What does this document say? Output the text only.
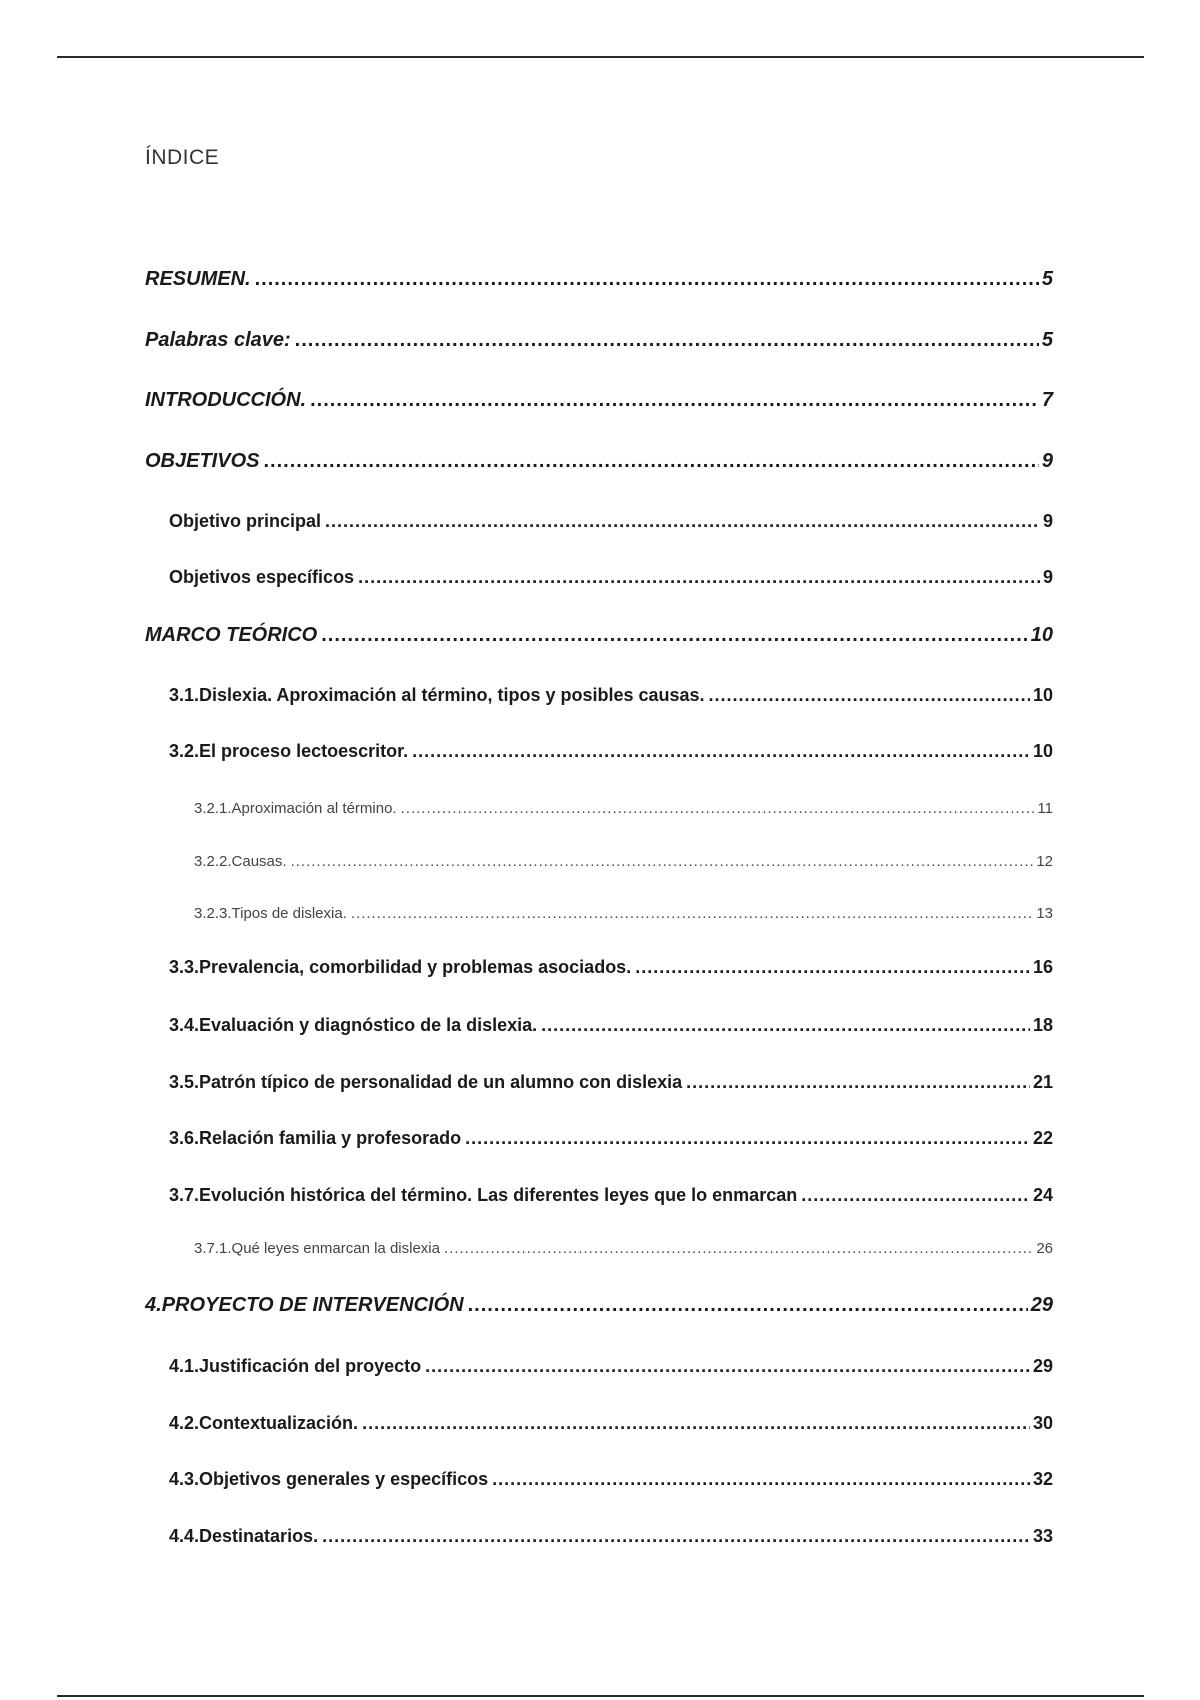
ÍNDICE
RESUMEN. .....	5
Palabras clave: .....	5
INTRODUCCIÓN. .....	7
OBJETIVOS .....	9
Objetivo principal .....	9
Objetivos específicos .....	9
MARCO TEÓRICO .....	10
3.1. Dislexia. Aproximación al término, tipos y posibles causas. .....	10
3.2. El proceso lectoescritor. .....	10
3.2.1. Aproximación al término. .....	11
3.2.2. Causas. .....	12
3.2.3. Tipos de dislexia. .....	13
3.3. Prevalencia, comorbilidad y problemas asociados. .....	16
3.4. Evaluación y diagnóstico de la dislexia. .....	18
3.5. Patrón típico de personalidad de un alumno con dislexia .....	21
3.6. Relación familia y profesorado .....	22
3.7. Evolución histórica del término. Las diferentes leyes que lo enmarcan .....	24
3.7.1. Qué leyes enmarcan la dislexia .....	26
4. PROYECTO DE INTERVENCIÓN .....	29
4.1. Justificación del proyecto .....	29
4.2. Contextualización. .....	30
4.3. Objetivos generales y específicos .....	32
4.4. Destinatarios. .....	33
